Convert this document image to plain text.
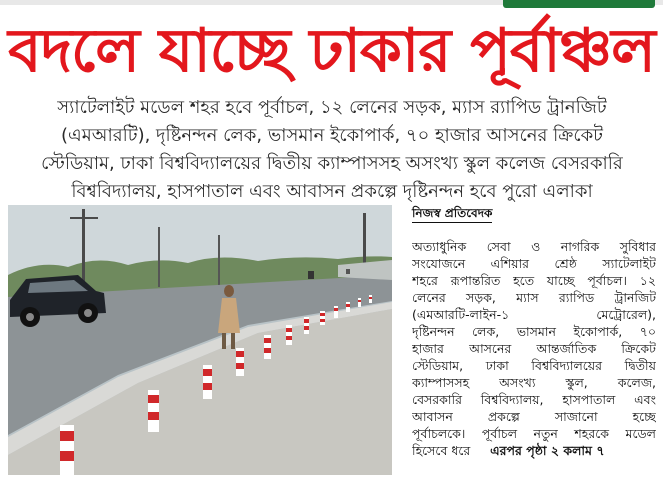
বদলে যাচ্ছে ঢাকার পূর্বাঞ্চল
স্যাটেলাইট মডেল শহর হবে পূর্বাচল, ১২ লেনের সড়ক, ম্যাস র‌্যাপিড ট্রানজিট
(এমআরটি), দৃষ্টিনন্দন লেক, ভাসমান ইকোপার্ক, ৭০ হাজার আসনের ক্রিকেট
স্টেডিয়াম, ঢাকা বিশ্ববিদ্যালয়ের দ্বিতীয় ক্যাম্পাসসহ অসংখ্য স্কুল কলেজ বেসরকারি
বিশ্ববিদ্যালয়, হাসপাতাল এবং আবাসন প্রকল্পে দৃষ্টিনন্দন হবে পুরো এলাকা
নিজস্ব প্রতিবেদক
অত্যাধুনিক সেবা ও নাগরিক সুবিধার
সংযোজনে এশিয়ার শ্রেষ্ঠ স্যাটেলাইট
শহরে রূপান্তরিত হতে যাচ্ছে পূর্বাচল। ১২
লেনের সড়ক, ম্যাস র‌্যাপিড ট্রানজিট
(এমআরটি-লাইন-১ মেট্রোরেল),
দৃষ্টিনন্দন লেক, ভাসমান ইকোপার্ক, ৭০
হাজার আসনের আন্তর্জাতিক ক্রিকেট
স্টেডিয়াম, ঢাকা বিশ্ববিদ্যালয়ের দ্বিতীয়
ক্যাম্পাসসহ অসংখ্য স্কুল, কলেজ,
বেসরকারি বিশ্ববিদ্যালয়, হাসপাতাল এবং
আবাসন প্রকল্পে সাজানো হচ্ছে
পূর্বাচলকে। পূর্বাচল নতুন শহরকে মডেল
হিসেবে ধরে এরপর পৃষ্ঠা ২ কলাম ৭
